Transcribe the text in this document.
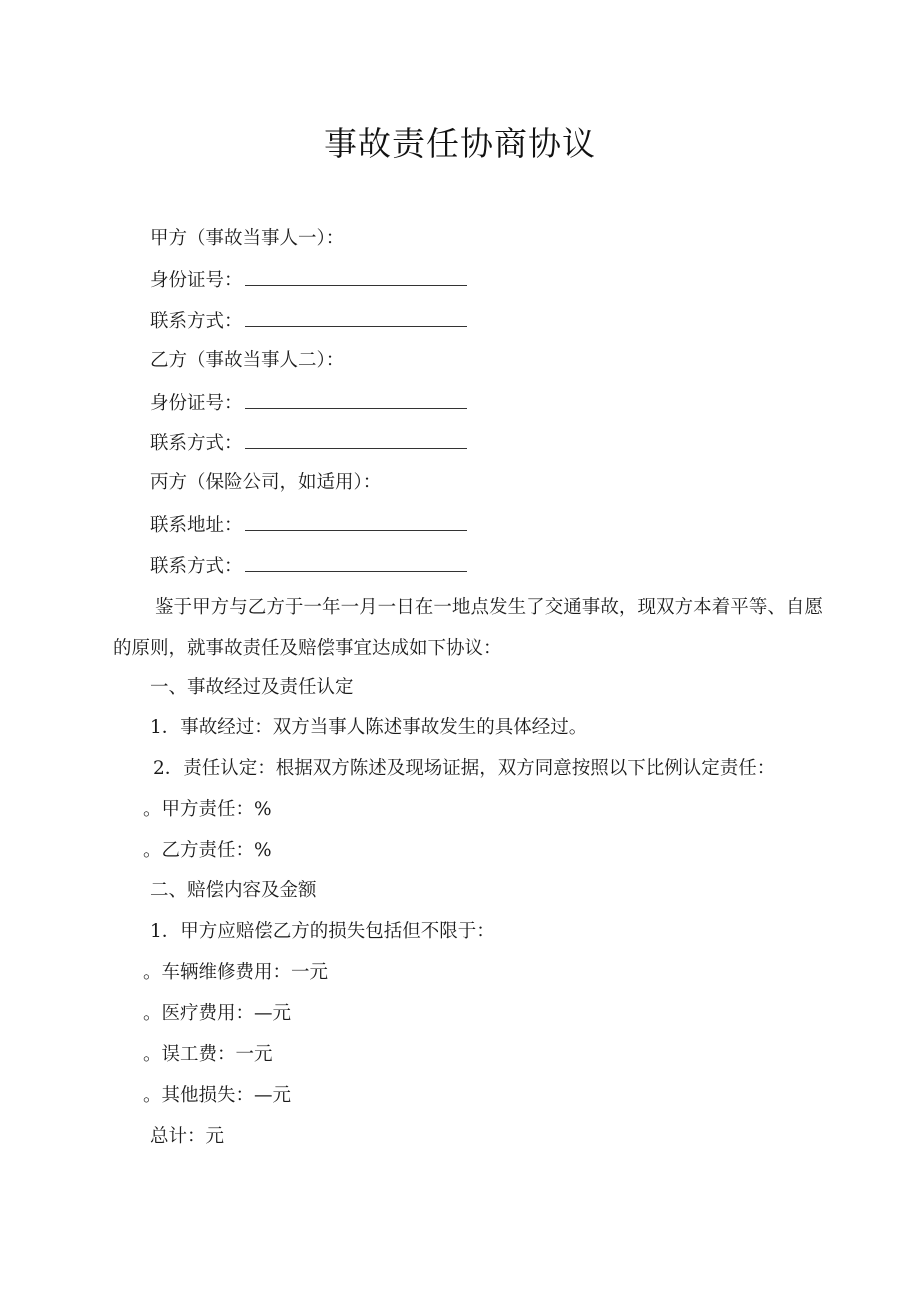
事故责任协商协议
甲方（事故当事人一）：
身份证号：
联系方式：
乙方（事故当事人二）：
身份证号：
联系方式：
丙方（保险公司，如适用）：
联系地址：
联系方式：
鉴于甲方与乙方于一年一月一日在一地点发生了交通事故，现双方本着平等、自愿的原则，就事故责任及赔偿事宜达成如下协议：
一、事故经过及责任认定
1．事故经过：双方当事人陈述事故发生的具体经过。
2．责任认定：根据双方陈述及现场证据，双方同意按照以下比例认定责任：
。甲方责任：%
。乙方责任：%
二、赔偿内容及金额
1．甲方应赔偿乙方的损失包括但不限于：
。车辆维修费用：一元
。医疗费用：—元
。误工费：一元
。其他损失：—元
总计：元
